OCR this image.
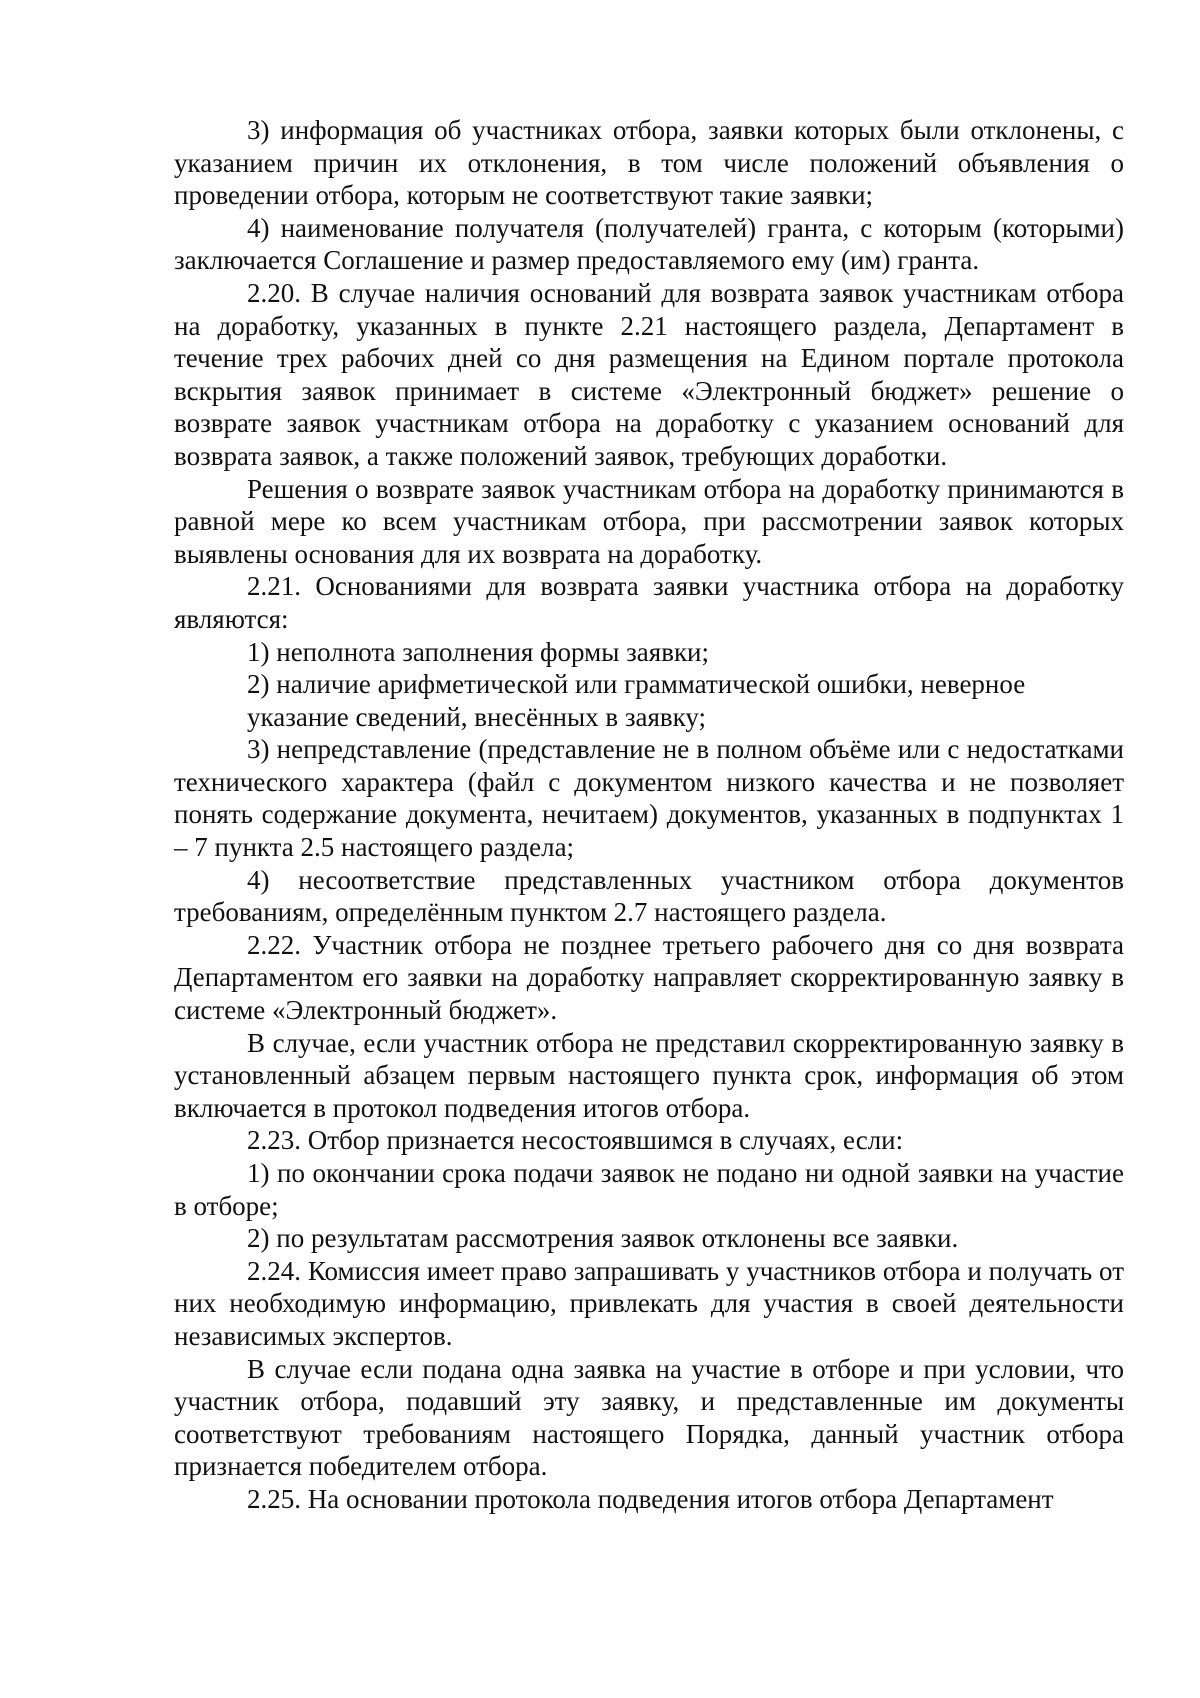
3) информация об участниках отбора, заявки которых были отклонены, с указанием причин их отклонения, в том числе положений объявления о проведении отбора, которым не соответствуют такие заявки;

4) наименование получателя (получателей) гранта, с которым (которыми) заключается Соглашение и размер предоставляемого ему (им) гранта.

2.20. В случае наличия оснований для возврата заявок участникам отбора на доработку, указанных в пункте 2.21 настоящего раздела, Департамент в течение трех рабочих дней со дня размещения на Едином портале протокола вскрытия заявок принимает в системе «Электронный бюджет» решение о возврате заявок участникам отбора на доработку с указанием оснований для возврата заявок, а также положений заявок, требующих доработки.

Решения о возврате заявок участникам отбора на доработку принимаются в равной мере ко всем участникам отбора, при рассмотрении заявок которых выявлены основания для их возврата на доработку.

2.21. Основаниями для возврата заявки участника отбора на доработку являются:

1) неполнота заполнения формы заявки;

2) наличие арифметической или грамматической ошибки, неверное указание сведений, внесённых в заявку;

3) непредставление (представление не в полном объёме или с недостатками технического характера (файл с документом низкого качества и не позволяет понять содержание документа, нечитаем) документов, указанных в подпунктах 1 – 7 пункта 2.5 настоящего раздела;

4) несоответствие представленных участником отбора документов требованиям, определённым пунктом 2.7 настоящего раздела.

2.22. Участник отбора не позднее третьего рабочего дня со дня возврата Департаментом его заявки на доработку направляет скорректированную заявку в системе «Электронный бюджет».

В случае, если участник отбора не представил скорректированную заявку в установленный абзацем первым настоящего пункта срок, информация об этом включается в протокол подведения итогов отбора.

2.23. Отбор признается несостоявшимся в случаях, если:

1) по окончании срока подачи заявок не подано ни одной заявки на участие в отборе;

2) по результатам рассмотрения заявок отклонены все заявки.

2.24. Комиссия имеет право запрашивать у участников отбора и получать от них необходимую информацию, привлекать для участия в своей деятельности независимых экспертов.

В случае если подана одна заявка на участие в отборе и при условии, что участник отбора, подавший эту заявку, и представленные им документы соответствуют требованиям настоящего Порядка, данный участник отбора признается победителем отбора.

2.25. На основании протокола подведения итогов отбора Департамент
